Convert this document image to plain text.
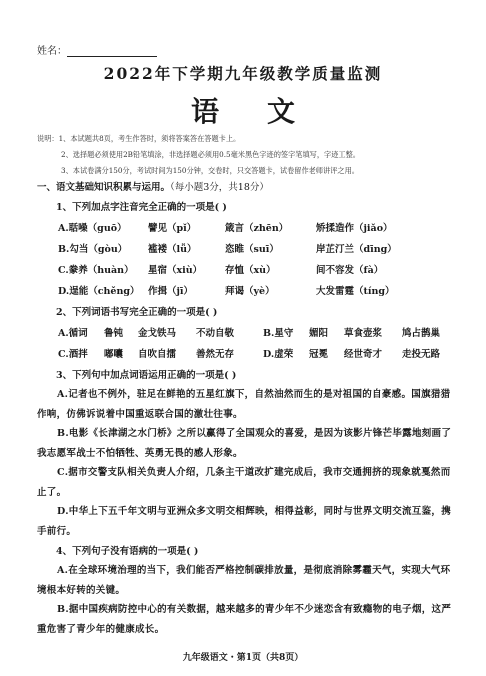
姓名：
2022年下学期九年级教学质量监测
语文
说明：1、本试题共8页，考生作答时，须将答案答在答题卡上。
2、选择题必须使用2B铅笔填涂，非选择题必须用0.5毫米黑色字迹的签字笔填写，字迹工整。
3、本试卷满分150分，考试时间为150分钟，交卷时，只交答题卡，试卷留作老师讲评之用。
一、语文基础知识积累与运用。（每小题3分，共18分）
1、下列加点字注音完全正确的一项是( )
A.聒噪（guō） 譬见（pǐ）	箴言（zhēn）	矫揉造作（jiǎo）
B.勾当（gòu） 褴褛（lǚ）	恣睢（suī）	岸芷汀兰（dīng）
C.豢养（huàn） 星宿（xiù） 存恤（xù）	间不容发（fà）
D.逞能（chěng） 作揖（jī）	拜谒（yè）	大发雷霆（tíng）
2、下列词语书写完全正确的一项是( )
A.循词 鲁钝 金戈铁马 不动自敬	B.星守 媚阳 草食壶浆 鸠占鹊巢
C.酒拌 嘟囔 自吹自擂 善然无存	D.虚荣 冠冕 经世奇才 走投无路
3、下列句中加点词语运用正确的一项是( )
A.记者也不例外，驻足在鲜艳的五星红旗下，自然油然而生的是对祖国的自豪感。国旗猎猎作响，仿佛诉说着中国重返联合国的激壮往事。
B.电影《长津湖之水门桥》之所以赢得了全国观众的喜爱，是因为该影片锋芒毕露地刻画了我志愿军战士不怕牺牲、英勇无畏的感人形象。
C.据市交警支队相关负责人介绍，几条主干道改扩建完成后，我市交通拥挤的现象就戛然而止了。
D.中华上下五千年文明与亚洲众多文明交相辉映，相得益彰，同时与世界文明交流互鉴，携手前行。
4、下列句子没有语病的一项是( )
A.在全球环境治理的当下，我们能否严格控制碳排放量，是彻底消除雾霾天气，实现大气环境根本好转的关键。
B.据中国疾病防控中心的有关数据，越来越多的青少年不少迷恋含有致瘾物的电子烟，这严重危害了青少年的健康成长。
九年级语文・第1页（共8页）
